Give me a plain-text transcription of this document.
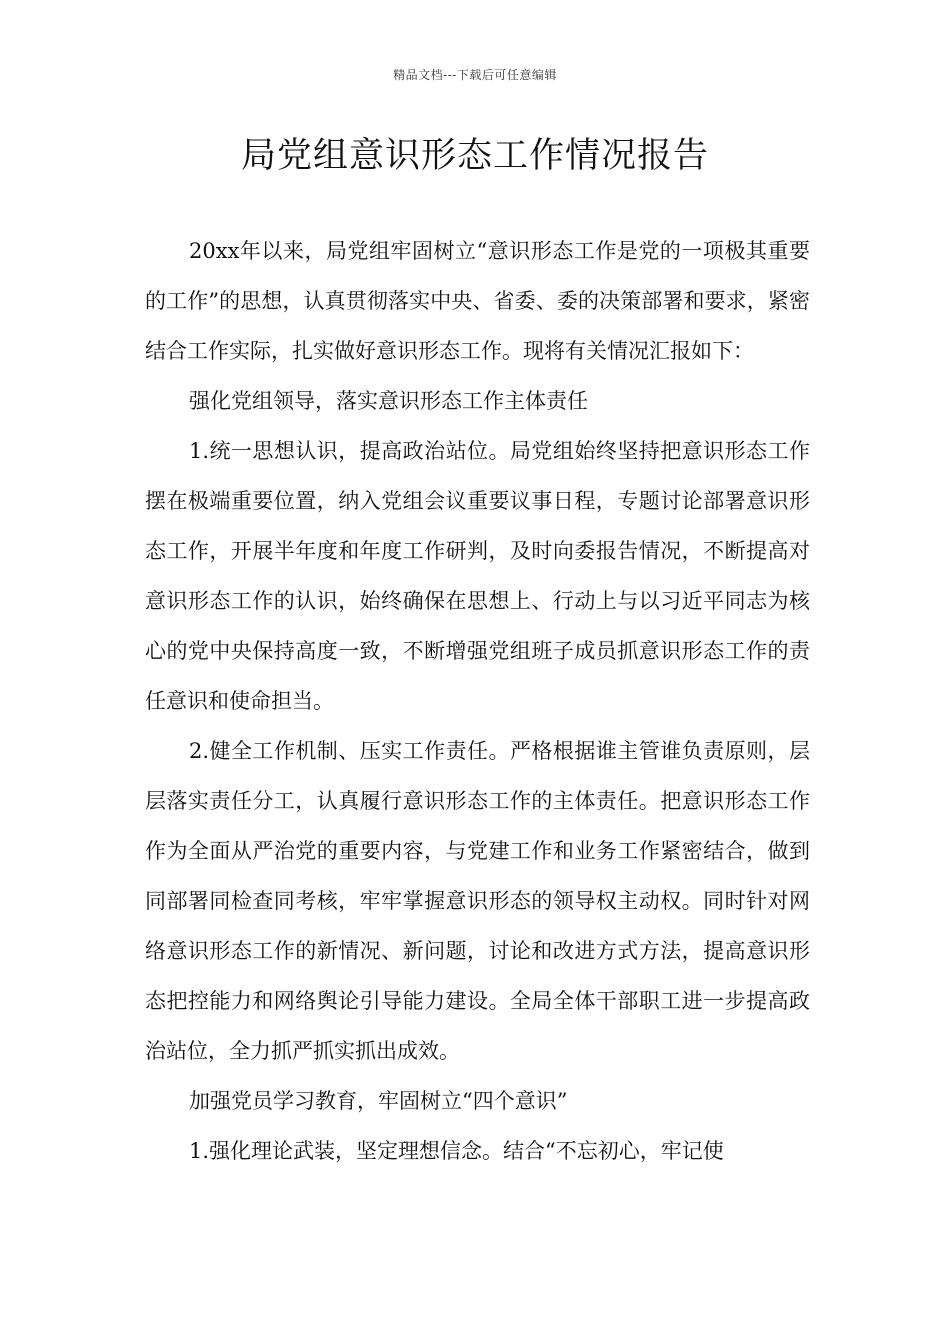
精品文档---下载后可任意编辑
局党组意识形态工作情况报告

20xx年以来，局党组牢固树立“意识形态工作是党的一项极其重要的工作”的思想，认真贯彻落实中央、省委、委的决策部署和要求，紧密结合工作实际，扎实做好意识形态工作。现将有关情况汇报如下：

强化党组领导，落实意识形态工作主体责任

1.统一思想认识，提高政治站位。局党组始终坚持把意识形态工作摆在极端重要位置，纳入党组会议重要议事日程，专题讨论部署意识形态工作，开展半年度和年度工作研判，及时向委报告情况，不断提高对意识形态工作的认识，始终确保在思想上、行动上与以习近平同志为核心的党中央保持高度一致，不断增强党组班子成员抓意识形态工作的责任意识和使命担当。

2.健全工作机制、压实工作责任。严格根据谁主管谁负责原则，层层落实责任分工，认真履行意识形态工作的主体责任。把意识形态工作作为全面从严治党的重要内容，与党建工作和业务工作紧密结合，做到同部署同检查同考核，牢牢掌握意识形态的领导权主动权。同时针对网络意识形态工作的新情况、新问题，讨论和改进方式方法，提高意识形态把控能力和网络舆论引导能力建设。全局全体干部职工进一步提高政治站位，全力抓严抓实抓出成效。

加强党员学习教育，牢固树立“四个意识”

1.强化理论武装，坚定理想信念。结合“不忘初心，牢记使
